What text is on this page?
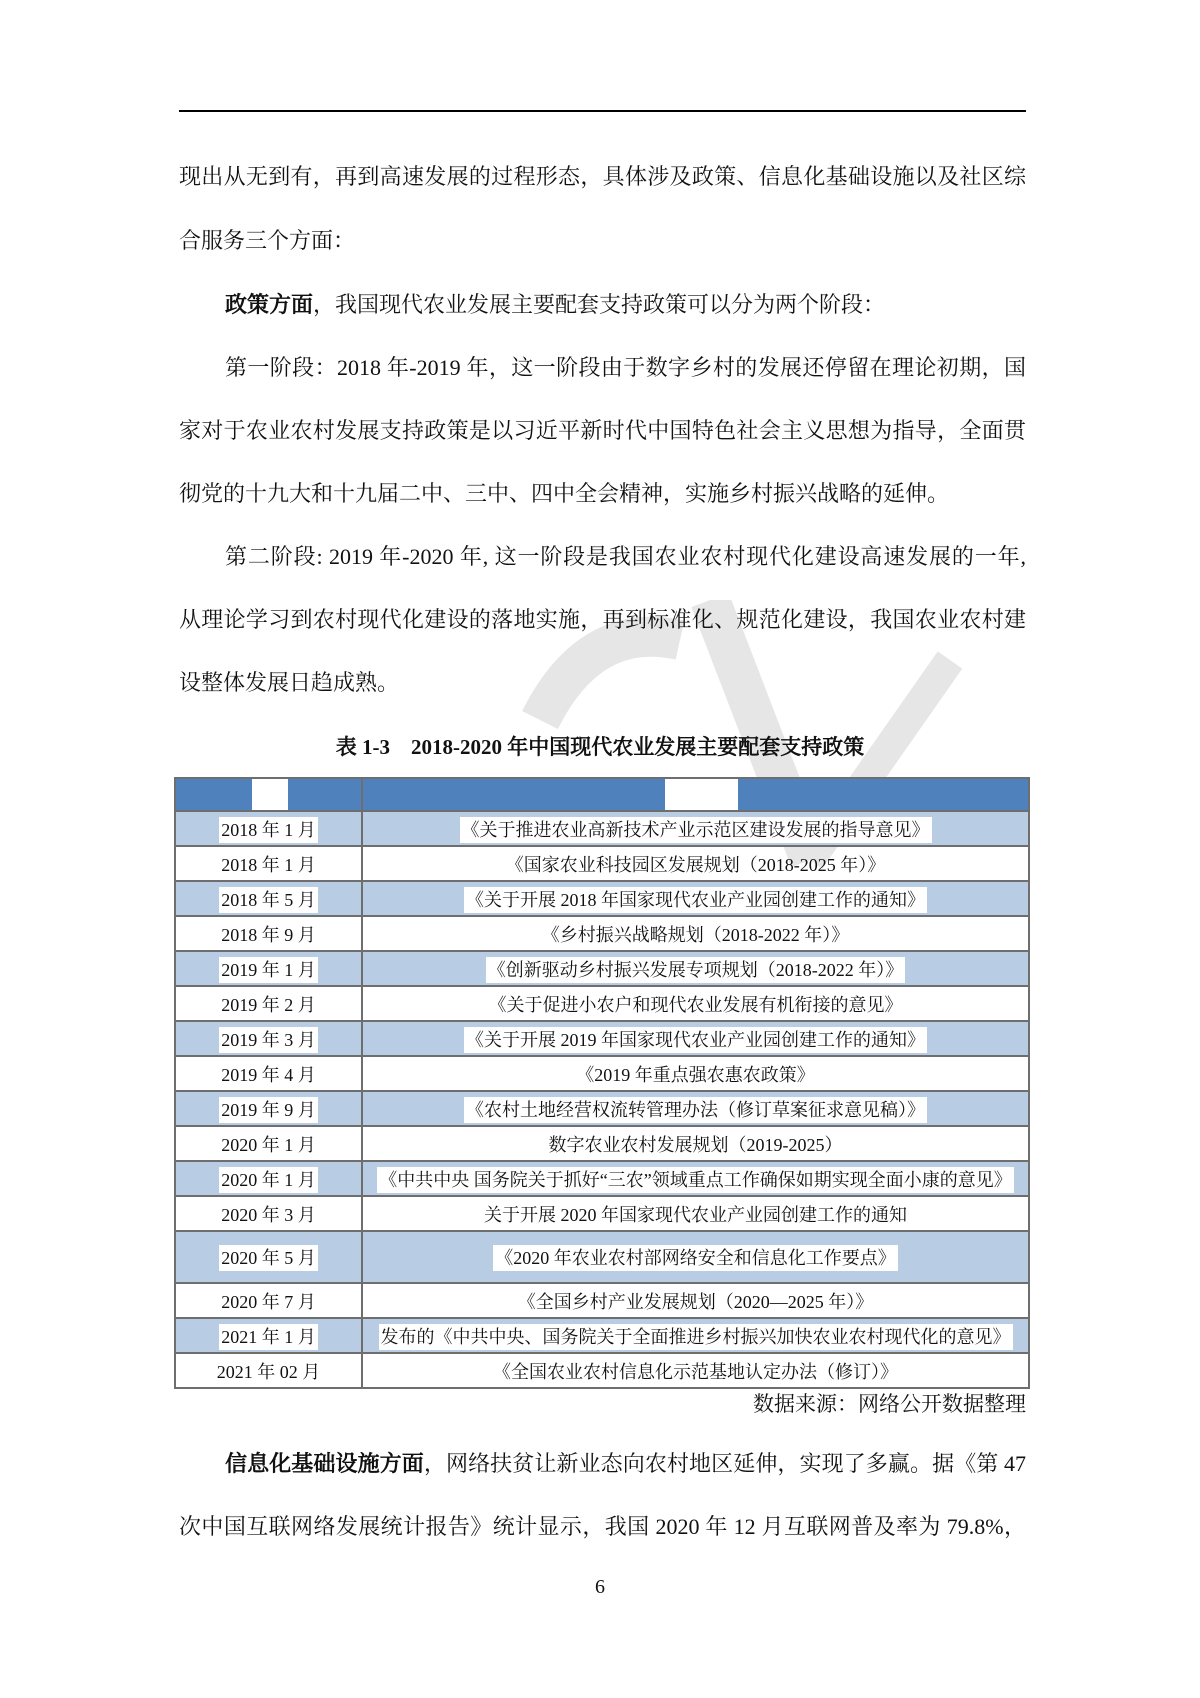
现出从无到有，再到高速发展的过程形态，具体涉及政策、信息化基础设施以及社区综
合服务三个方面：
政策方面，我国现代农业发展主要配套支持政策可以分为两个阶段：
第一阶段：2018 年-2019 年，这一阶段由于数字乡村的发展还停留在理论初期，国
家对于农业农村发展支持政策是以习近平新时代中国特色社会主义思想为指导，全面贯
彻党的十九大和十九届二中、三中、四中全会精神，实施乡村振兴战略的延伸。
第二阶段: 2019 年-2020 年, 这一阶段是我国农业农村现代化建设高速发展的一年,
从理论学习到农村现代化建设的落地实施，再到标准化、规范化建设，我国农业农村建
设整体发展日趋成熟。
表 1-3　2018-2020 年中国现代农业发展主要配套支持政策

2018 年 1 月	《关于推进农业高新技术产业示范区建设发展的指导意见》
2018 年 1 月	《国家农业科技园区发展规划（2018-2025 年）》
2018 年 5 月	《关于开展 2018 年国家现代农业产业园创建工作的通知》
2018 年 9 月	《乡村振兴战略规划（2018-2022 年）》
2019 年 1 月	《创新驱动乡村振兴发展专项规划（2018-2022 年）》
2019 年 2 月	《关于促进小农户和现代农业发展有机衔接的意见》
2019 年 3 月	《关于开展 2019 年国家现代农业产业园创建工作的通知》
2019 年 4 月	《2019 年重点强农惠农政策》
2019 年 9 月	《农村土地经营权流转管理办法（修订草案征求意见稿）》
2020 年 1 月	数字农业农村发展规划（2019-2025）
2020 年 1 月	《中共中央 国务院关于抓好“三农”领域重点工作确保如期实现全面小康的意见》
2020 年 3 月	关于开展 2020 年国家现代农业产业园创建工作的通知
2020 年 5 月	《2020 年农业农村部网络安全和信息化工作要点》
2020 年 7 月	《全国乡村产业发展规划（2020—2025 年）》
2021 年 1 月	发布的《中共中央、国务院关于全面推进乡村振兴加快农业农村现代化的意见》
2021 年 02 月	《全国农业农村信息化示范基地认定办法（修订）》
数据来源：网络公开数据整理
信息化基础设施方面，网络扶贫让新业态向农村地区延伸，实现了多赢。据《第 47
次中国互联网络发展统计报告》统计显示，我国 2020 年 12 月互联网普及率为 79.8%，
6
